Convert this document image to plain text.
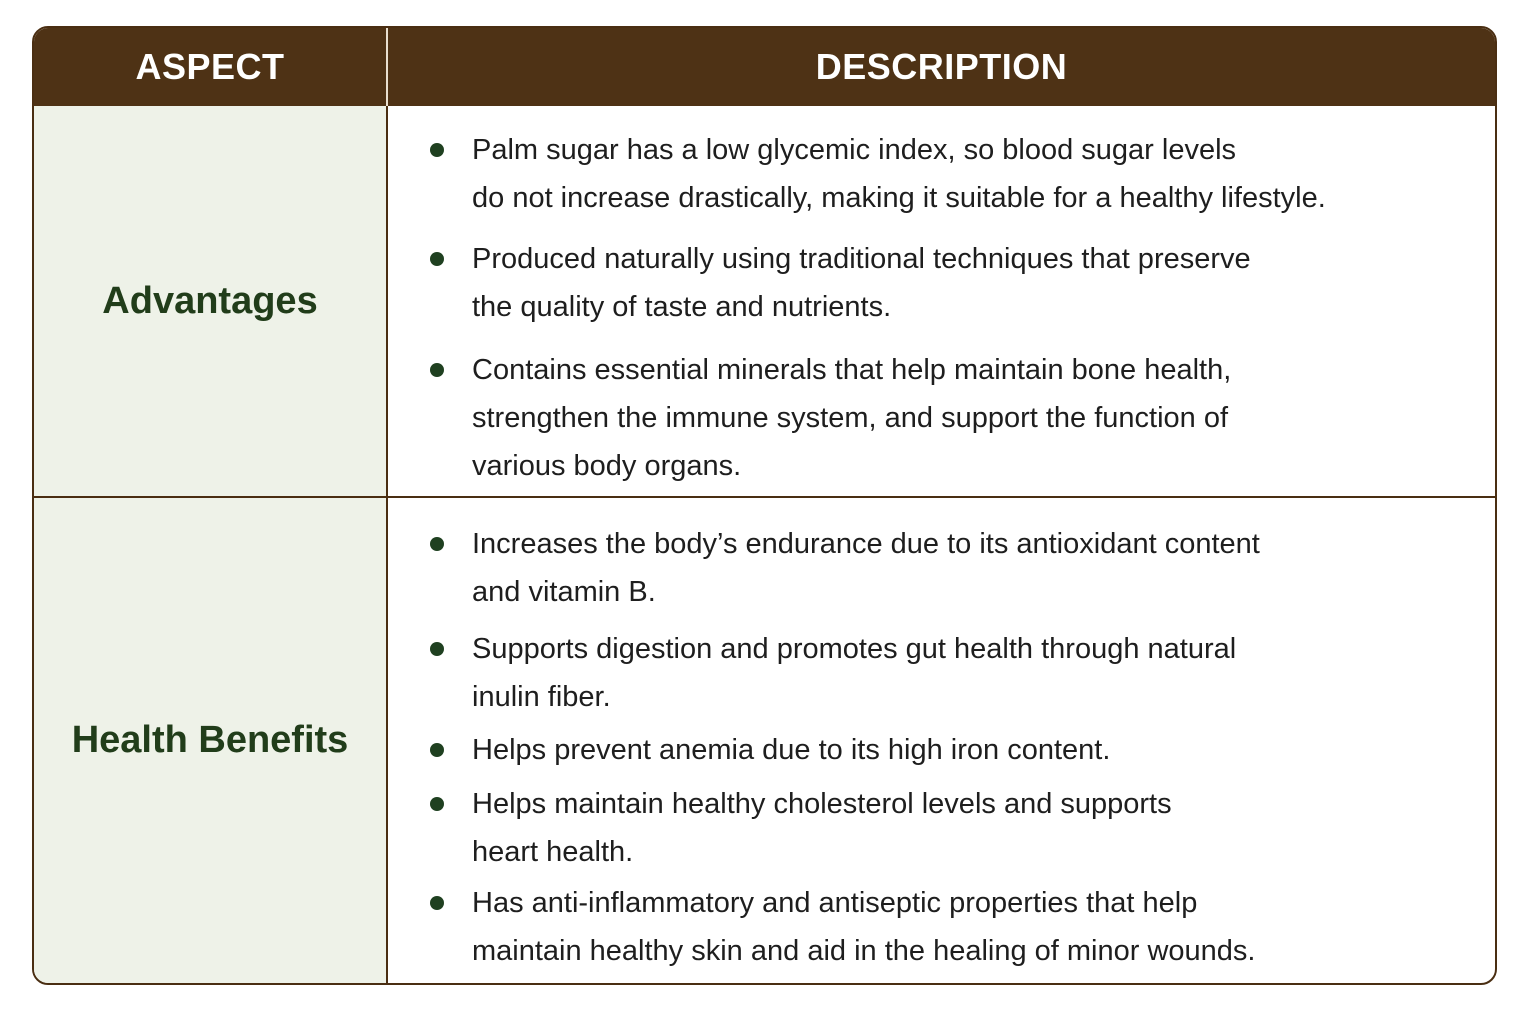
ASPECT	DESCRIPTION
Advantages
Palm sugar has a low glycemic index, so blood sugar levels
do not increase drastically, making it suitable for a healthy lifestyle.
Produced naturally using traditional techniques that preserve
the quality of taste and nutrients.
Contains essential minerals that help maintain bone health,
strengthen the immune system, and support the function of
various body organs.
Health Benefits
Increases the body’s endurance due to its antioxidant content
and vitamin B.
Supports digestion and promotes gut health through natural
inulin fiber.
Helps prevent anemia due to its high iron content.
Helps maintain healthy cholesterol levels and supports
heart health.
Has anti-inflammatory and antiseptic properties that help
maintain healthy skin and aid in the healing of minor wounds.
